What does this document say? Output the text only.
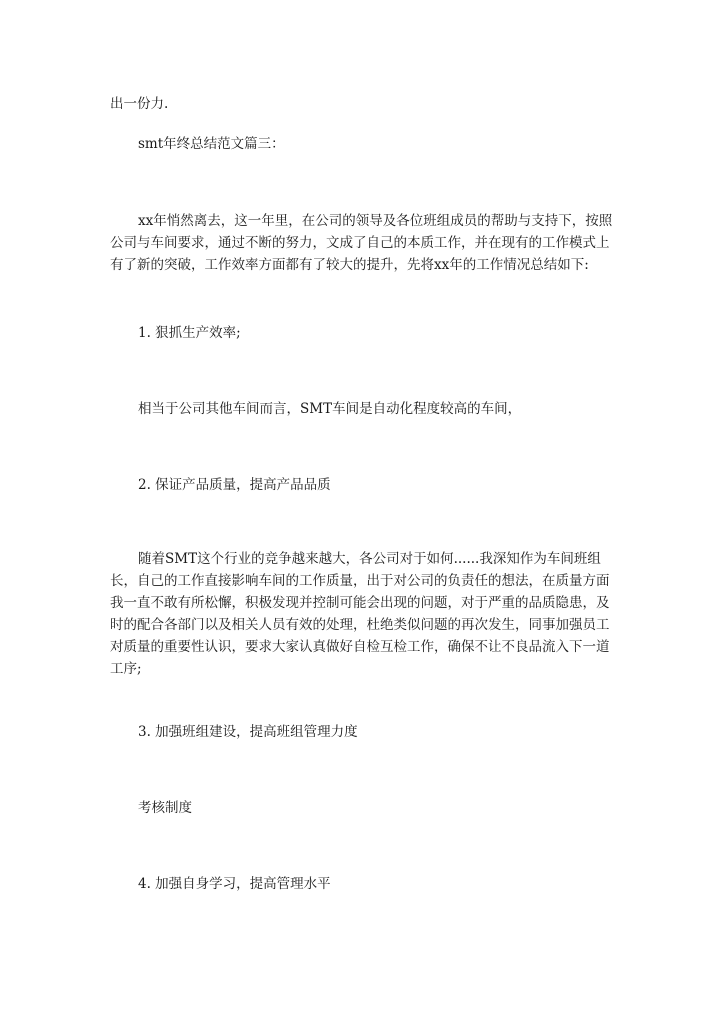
出一份力.

smt年终总结范文篇三：

xx年悄然离去，这一年里，在公司的领导及各位班组成员的帮助与支持下，按照公司与车间要求，通过不断的努力，文成了自己的本质工作，并在现有的工作模式上有了新的突破，工作效率方面都有了较大的提升，先将xx年的工作情况总结如下:

1. 狠抓生产效率;

相当于公司其他车间而言，SMT车间是自动化程度较高的车间，

2. 保证产品质量，提高产品品质

随着SMT这个行业的竞争越来越大，各公司对于如何......我深知作为车间班组长，自己的工作直接影响车间的工作质量，出于对公司的负责任的想法，在质量方面我一直不敢有所松懈，积极发现并控制可能会出现的问题，对于严重的品质隐患，及时的配合各部门以及相关人员有效的处理，杜绝类似问题的再次发生，同事加强员工对质量的重要性认识，要求大家认真做好自检互检工作，确保不让不良品流入下一道工序;

3. 加强班组建设，提高班组管理力度

考核制度

4. 加强自身学习，提高管理水平
